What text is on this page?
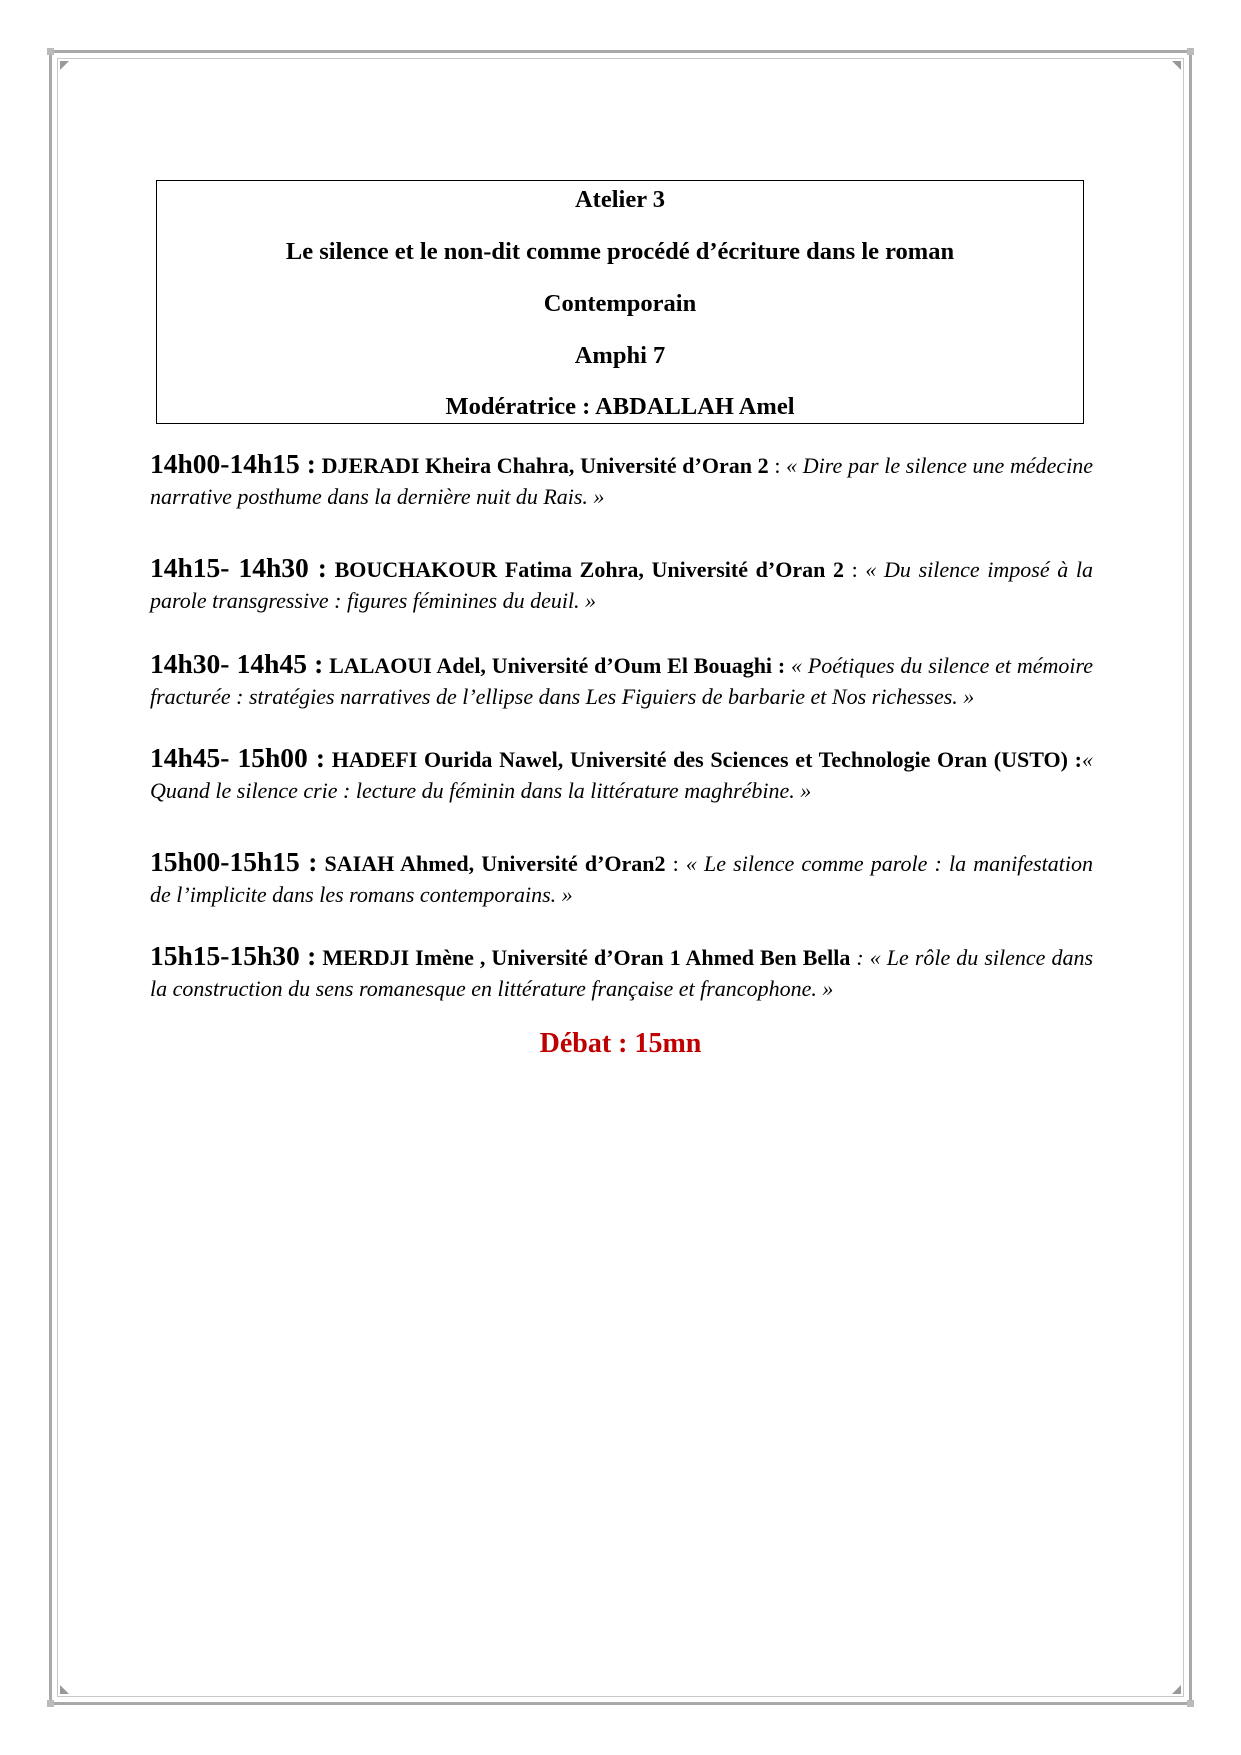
Atelier 3
Le silence et le non-dit comme procédé d’écriture dans le roman
Contemporain
Amphi 7
Modératrice : ABDALLAH Amel
14h00-14h15 : DJERADI Kheira Chahra, Université d’Oran 2 : « Dire par le silence une médecine narrative posthume dans la dernière nuit du Rais. »
14h15- 14h30 : BOUCHAKOUR Fatima Zohra, Université d’Oran 2 : « Du silence imposé à la parole transgressive : figures féminines du deuil. »
14h30- 14h45 : LALAOUI Adel, Université d’Oum El Bouaghi : « Poétiques du silence et mémoire fracturée : stratégies narratives de l’ellipse dans Les Figuiers de barbarie et Nos richesses. »
14h45- 15h00 : HADEFI Ourida Nawel, Université des Sciences et Technologie Oran (USTO) :« Quand le silence crie : lecture du féminin dans la littérature maghrébine. »
15h00-15h15 : SAIAH Ahmed, Université d’Oran2 : « Le silence comme parole : la manifestation de l’implicite dans les romans contemporains. »
15h15-15h30 : MERDJI Imène , Université d’Oran 1 Ahmed Ben Bella : « Le rôle du silence dans la construction du sens romanesque en littérature française et francophone. »
Débat : 15mn
